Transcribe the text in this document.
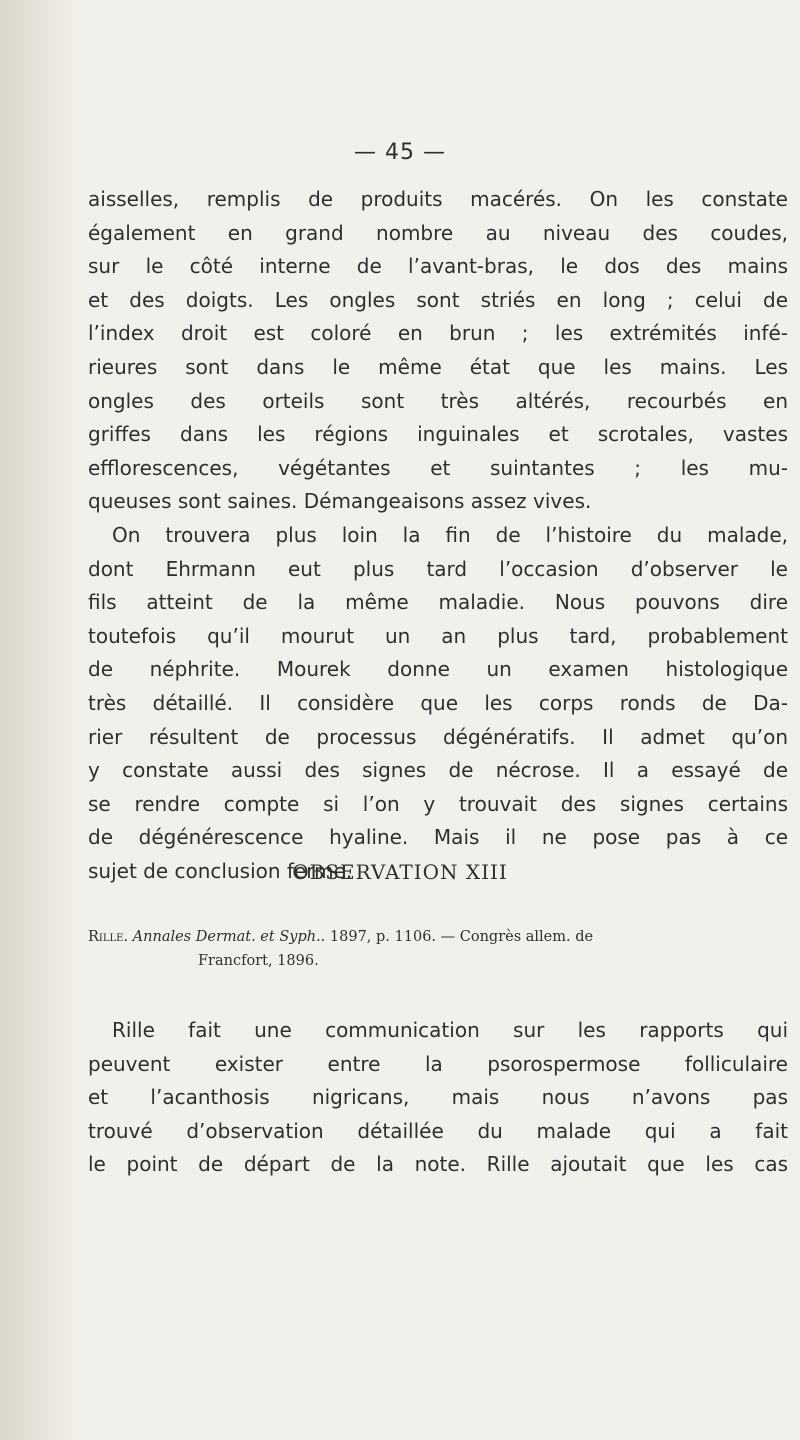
— 45 —
aisselles, remplis de produits macérés. On les constate
également en grand nombre au niveau des coudes,
sur le côté interne de l’avant-bras, le dos des mains
et des doigts. Les ongles sont striés en long ; celui de
l’index droit est coloré en brun ; les extrémités infé-
rieures sont dans le même état que les mains. Les
ongles des orteils sont très altérés, recourbés en
griffes dans les régions inguinales et scrotales, vastes
efflorescences, végétantes et suintantes ; les mu-
queuses sont saines. Démangeaisons assez vives.
On trouvera plus loin la fin de l’histoire du malade,
dont Ehrmann eut plus tard l’occasion d’observer le
fils atteint de la même maladie. Nous pouvons dire
toutefois qu’il mourut un an plus tard, probablement
de néphrite. Mourek donne un examen histologique
très détaillé. Il considère que les corps ronds de Da-
rier résultent de processus dégénératifs. Il admet qu’on
y constate aussi des signes de nécrose. Il a essayé de
se rendre compte si l’on y trouvait des signes certains
de dégénérescence hyaline. Mais il ne pose pas à ce
sujet de conclusion ferme.
OBSERVATION XIII
Rille. Annales Dermat. et Syph.. 1897, p. 1106. — Congrès allem. de
Francfort, 1896.
Rille fait une communication sur les rapports qui
peuvent exister entre la psorospermose folliculaire
et l’acanthosis nigricans, mais nous n’avons pas
trouvé d’observation détaillée du malade qui a fait
le point de départ de la note. Rille ajoutait que les cas
